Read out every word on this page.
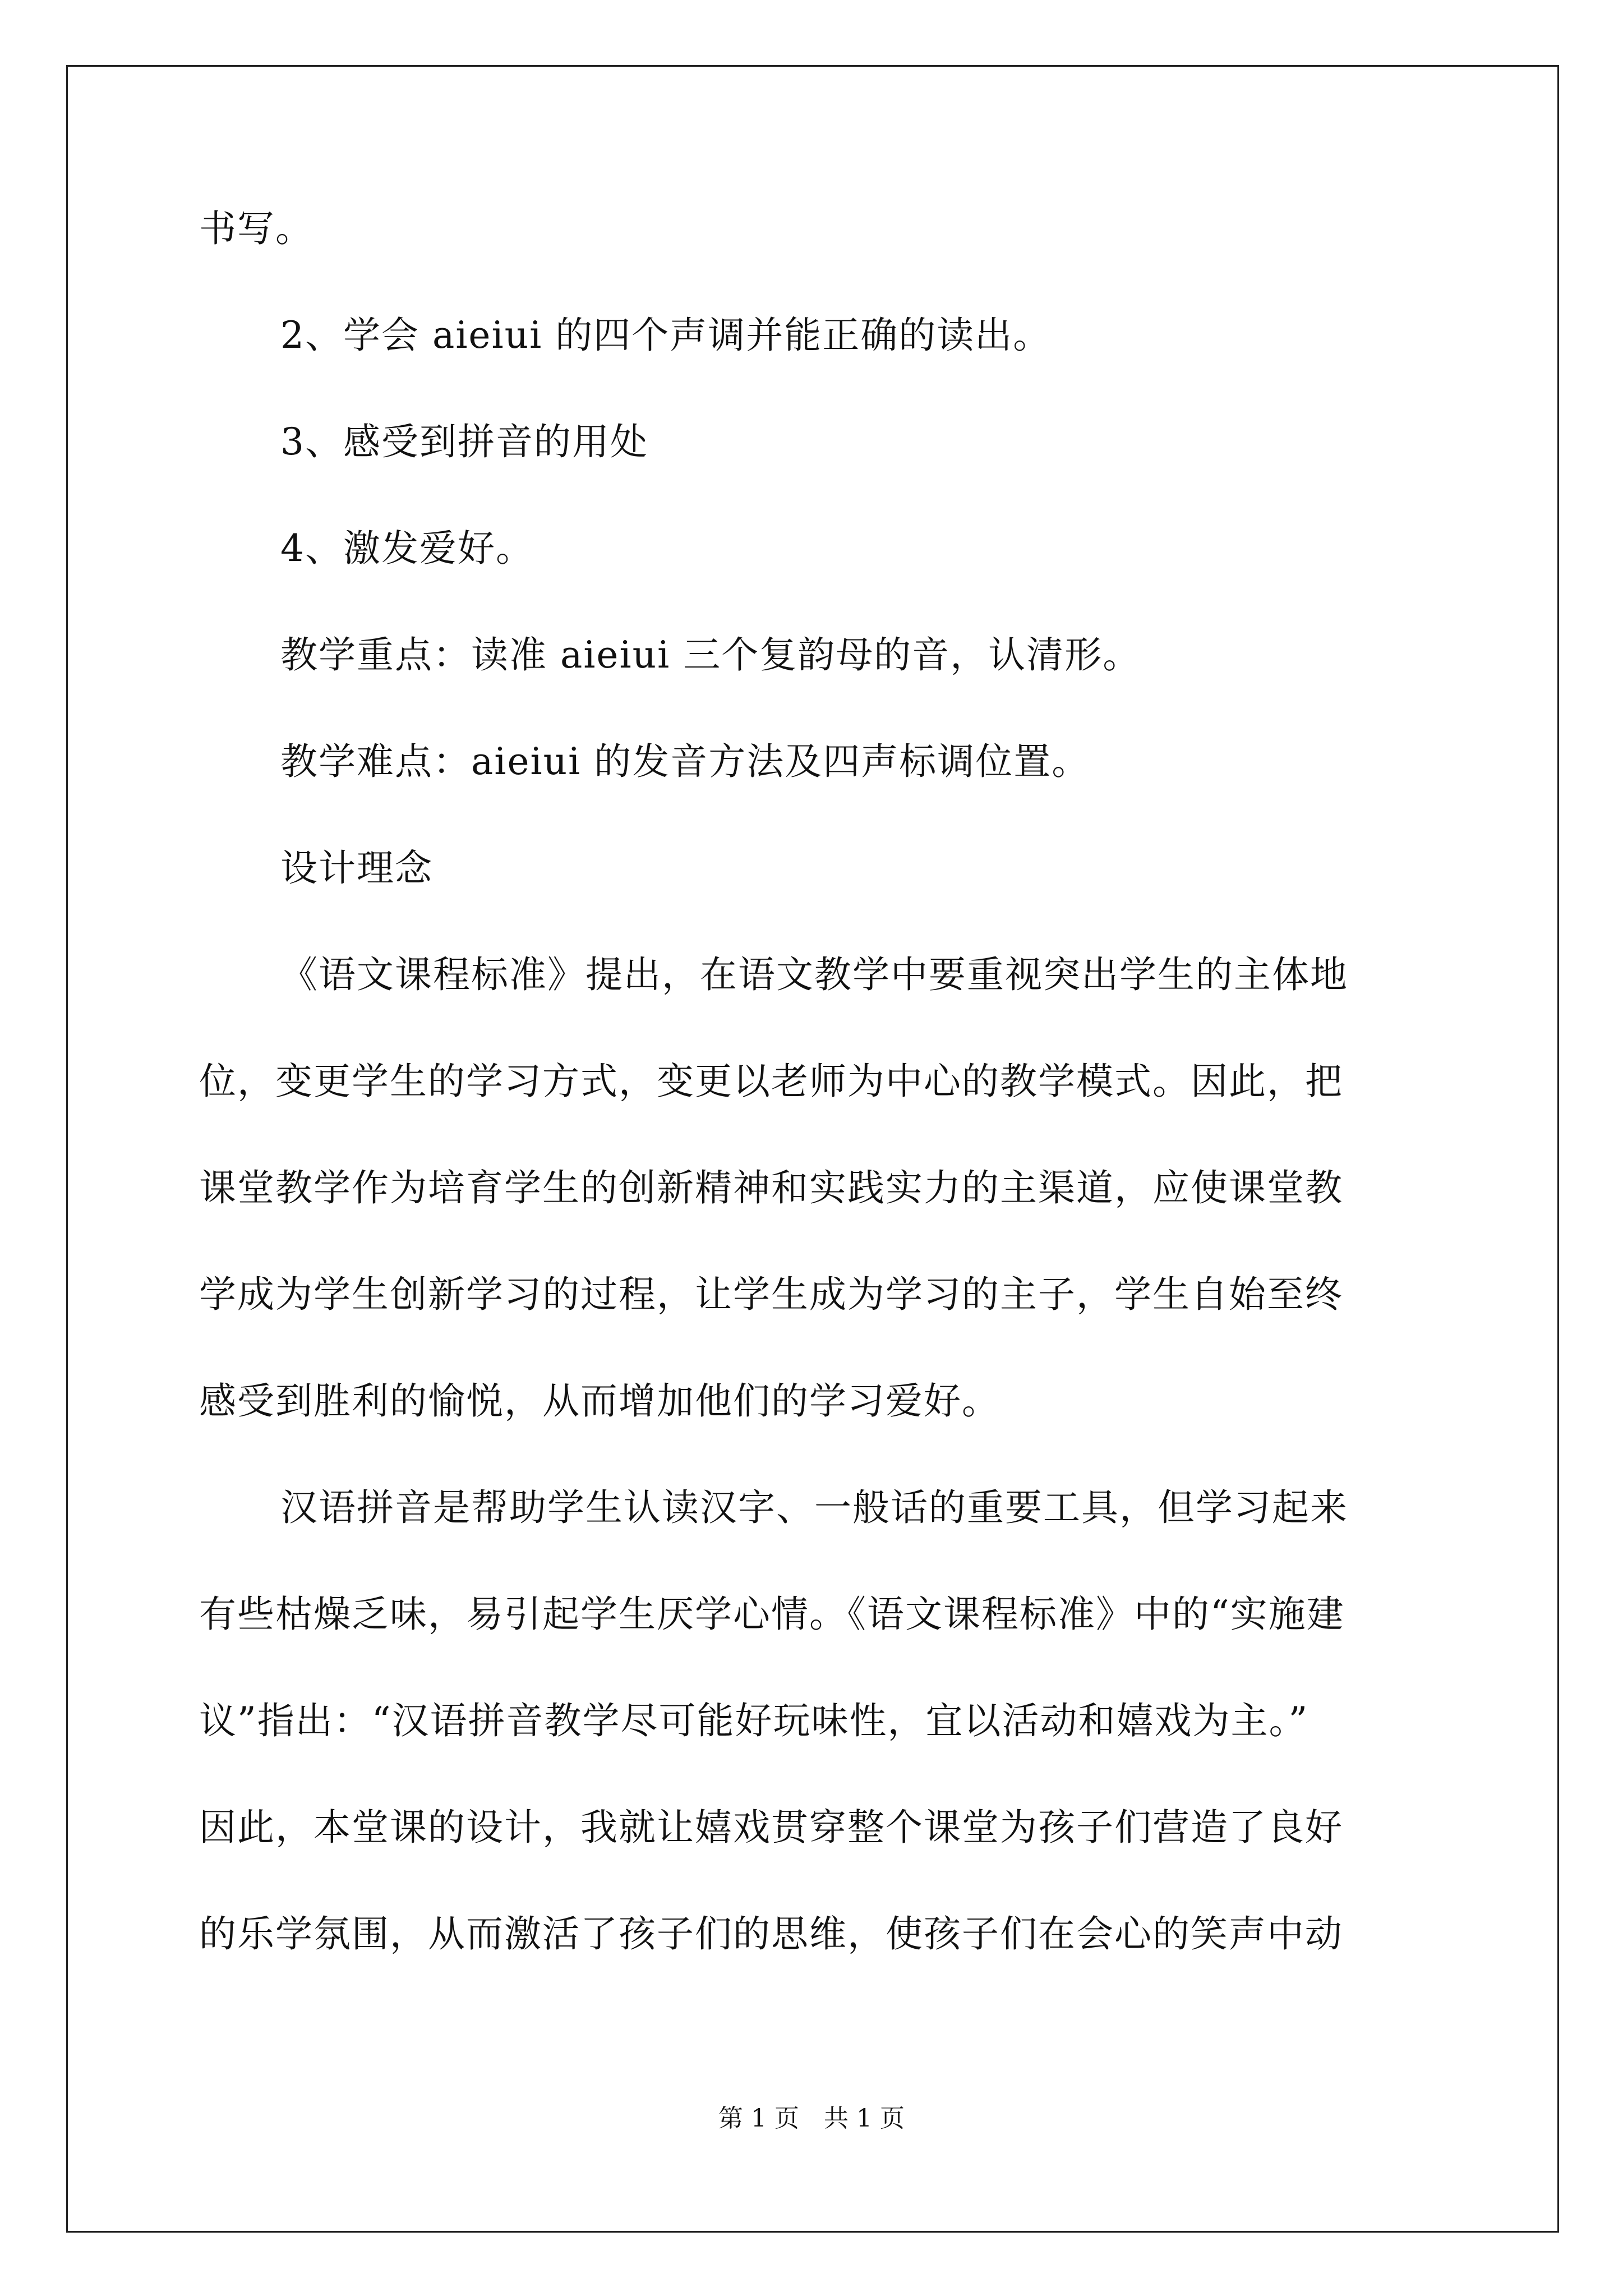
书写。
2、学会 aieiui 的四个声调并能正确的读出。
3、感受到拼音的用处
4、激发爱好。
教学重点：读准 aieiui 三个复韵母的音，认清形。
教学难点：aieiui 的发音方法及四声标调位置。
设计理念
《语文课程标准》提出，在语文教学中要重视突出学生的主体地
位，变更学生的学习方式，变更以老师为中心的教学模式。因此，把
课堂教学作为培育学生的创新精神和实践实力的主渠道，应使课堂教
学成为学生创新学习的过程，让学生成为学习的主子，学生自始至终
感受到胜利的愉悦，从而增加他们的学习爱好。
汉语拼音是帮助学生认读汉字、一般话的重要工具，但学习起来
有些枯燥乏味，易引起学生厌学心情。《语文课程标准》中的“实施建
议”指出：“汉语拼音教学尽可能好玩味性，宜以活动和嬉戏为主。”
因此，本堂课的设计，我就让嬉戏贯穿整个课堂为孩子们营造了良好
的乐学氛围，从而激活了孩子们的思维，使孩子们在会心的笑声中动
第 1 页　共 1 页
